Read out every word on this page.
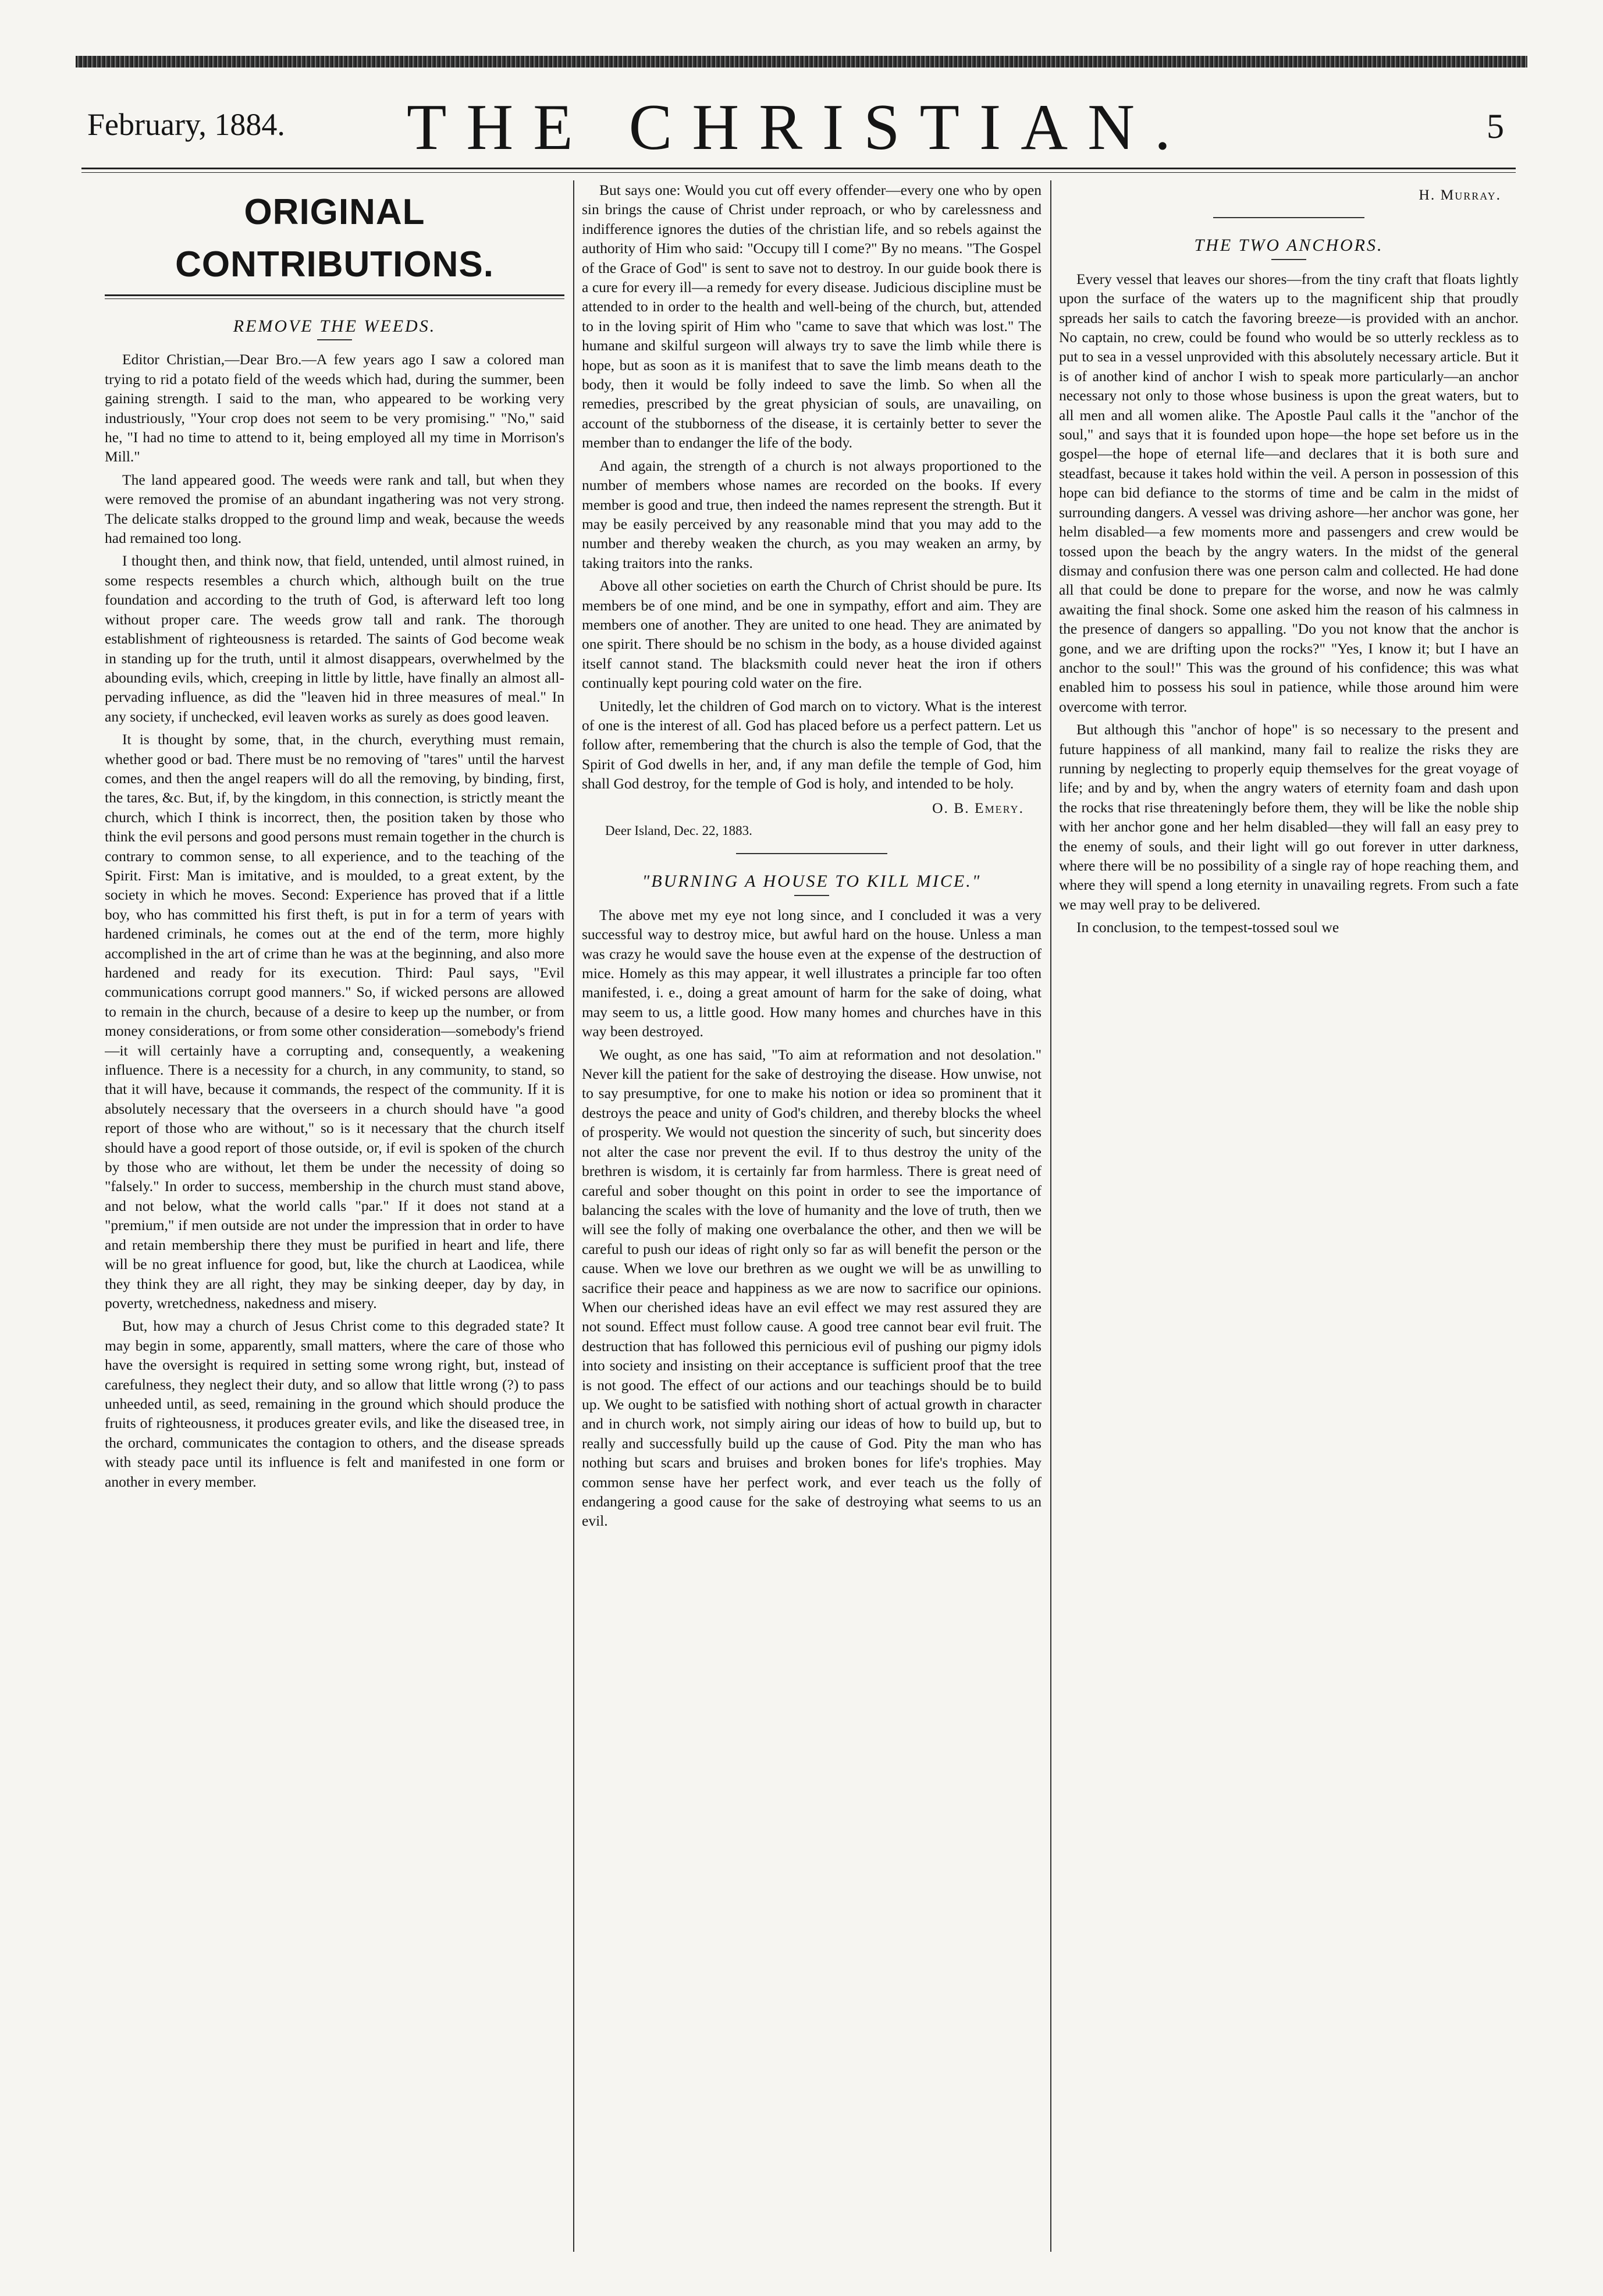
February, 1884.	THE CHRISTIAN.	5
ORIGINAL CONTRIBUTIONS.
REMOVE THE WEEDS.

Editor Christian,—Dear Bro.—A few years ago I saw a colored man trying to rid a potato field of the weeds which had, during the summer, been gaining strength. I said to the man, who appeared to be working very industriously, "Your crop does not seem to be very promising." "No," said he, "I had no time to attend to it, being employed all my time in Morrison's Mill."

The land appeared good. The weeds were rank and tall, but when they were removed the promise of an abundant ingathering was not very strong. The delicate stalks dropped to the ground limp and weak, because the weeds had remained too long.

I thought then, and think now, that field, untended, until almost ruined, in some respects resembles a church which, although built on the true foundation and according to the truth of God, is afterward left too long without proper care. The weeds grow tall and rank. The thorough establishment of righteousness is retarded. The saints of God become weak in standing up for the truth, until it almost disappears, overwhelmed by the abounding evils, which, creeping in little by little, have finally an almost all-pervading influence, as did the "leaven hid in three measures of meal." In any society, if unchecked, evil leaven works as surely as does good leaven.

It is thought by some, that, in the church, everything must remain, whether good or bad. There must be no removing of "tares" until the harvest comes, and then the angel reapers will do all the removing, by binding, first, the tares, &c. But, if, by the kingdom, in this connection, is strictly meant the church, which I think is incorrect, then, the position taken by those who think the evil persons and good persons must remain together in the church is contrary to common sense, to all experience, and to the teaching of the Spirit. First: Man is imitative, and is moulded, to a great extent, by the society in which he moves. Second: Experience has proved that if a little boy, who has committed his first theft, is put in for a term of years with hardened criminals, he comes out at the end of the term, more highly accomplished in the art of crime than he was at the beginning, and also more hardened and ready for its execution. Third: Paul says, "Evil communications corrupt good manners." So, if wicked persons are allowed to remain in the church, because of a desire to keep up the number, or from money considerations, or from some other consideration—somebody's friend—it will certainly have a corrupting and, consequently, a weakening influence. There is a necessity for a church, in any community, to stand, so that it will have, because it commands, the respect of the community. If it is absolutely necessary that the overseers in a church should have "a good report of those who are without," so is it necessary that the church itself should have a good report of those outside, or, if evil is spoken of the church by those who are without, let them be under the necessity of doing so "falsely." In order to success, membership in the church must stand above, and not below, what the world calls "par." If it does not stand at a "premium," if men outside are not under the impression that in order to have and retain membership there they must be purified in heart and life, there will be no great influence for good, but, like the church at Laodicea, while they think they are all right, they may be sinking deeper, day by day, in poverty, wretchedness, nakedness and misery.

But, how may a church of Jesus Christ come to this degraded state? It may begin in some, apparently, small matters, where the care of those who have the oversight is required in setting some wrong right, but, instead of carefulness, they neglect their duty, and so allow that little wrong (?) to pass unheeded until, as seed, remaining in the ground which should produce the fruits of righteousness, it produces greater evils, and like the diseased tree, in the orchard, communicates the contagion to others, and the disease spreads with steady pace until its influence is felt and manifested in one form or another in every member.

But says one: Would you cut off every offender—every one who by open sin brings the cause of Christ under reproach, or who by carelessness and indifference ignores the duties of the christian life, and so rebels against the authority of Him who said: "Occupy till I come?" By no means. "The Gospel of the Grace of God" is sent to save not to destroy. In our guide book there is a cure for every ill—a remedy for every disease. Judicious discipline must be attended to in order to the health and well-being of the church, but, attended to in the loving spirit of Him who "came to save that which was lost." The humane and skilful surgeon will always try to save the limb while there is hope, but as soon as it is manifest that to save the limb means death to the body, then it would be folly indeed to save the limb. So when all the remedies, prescribed by the great physician of souls, are unavailing, on account of the stubborness of the disease, it is certainly better to sever the member than to endanger the life of the body.

And again, the strength of a church is not always proportioned to the number of members whose names are recorded on the books. If every member is good and true, then indeed the names represent the strength. But it may be easily perceived by any reasonable mind that you may add to the number and thereby weaken the church, as you may weaken an army, by taking traitors into the ranks.

Above all other societies on earth the Church of Christ should be pure. Its members be of one mind, and be one in sympathy, effort and aim. They are members one of another. They are united to one head. They are animated by one spirit. There should be no schism in the body, as a house divided against itself cannot stand. The blacksmith could never heat the iron if others continually kept pouring cold water on the fire.

Unitedly, let the children of God march on to victory. What is the interest of one is the interest of all. God has placed before us a perfect pattern. Let us follow after, remembering that the church is also the temple of God, that the Spirit of God dwells in her, and, if any man defile the temple of God, him shall God destroy, for the temple of God is holy, and intended to be holy.

O. B. Emery.
Deer Island, Dec. 22, 1883.
"BURNING A HOUSE TO KILL MICE."

The above met my eye not long since, and I concluded it was a very successful way to destroy mice, but awful hard on the house. Unless a man was crazy he would save the house even at the expense of the destruction of mice. Homely as this may appear, it well illustrates a principle far too often manifested, i. e., doing a great amount of harm for the sake of doing, what may seem to us, a little good. How many homes and churches have in this way been destroyed.

We ought, as one has said, "To aim at reformation and not desolation." Never kill the patient for the sake of destroying the disease. How unwise, not to say presumptive, for one to make his notion or idea so prominent that it destroys the peace and unity of God's children, and thereby blocks the wheel of prosperity. We would not question the sincerity of such, but sincerity does not alter the case nor prevent the evil. If to thus destroy the unity of the brethren is wisdom, it is certainly far from harmless. There is great need of careful and sober thought on this point in order to see the importance of balancing the scales with the love of humanity and the love of truth, then we will see the folly of making one overbalance the other, and then we will be careful to push our ideas of right only so far as will benefit the person or the cause. When we love our brethren as we ought we will be as unwilling to sacrifice their peace and happiness as we are now to sacrifice our opinions. When our cherished ideas have an evil effect we may rest assured they are not sound. Effect must follow cause. A good tree cannot bear evil fruit. The destruction that has followed this pernicious evil of pushing our pigmy idols into society and insisting on their acceptance is sufficient proof that the tree is not good. The effect of our actions and our teachings should be to build up. We ought to be satisfied with nothing short of actual growth in character and in church work, not simply airing our ideas of how to build up, but to really and successfully build up the cause of God. Pity the man who has nothing but scars and bruises and broken bones for life's trophies. May common sense have her perfect work, and ever teach us the folly of endangering a good cause for the sake of destroying what seems to us an evil.

H. Murray.
THE TWO ANCHORS.

Every vessel that leaves our shores—from the tiny craft that floats lightly upon the surface of the waters up to the magnificent ship that proudly spreads her sails to catch the favoring breeze—is provided with an anchor. No captain, no crew, could be found who would be so utterly reckless as to put to sea in a vessel unprovided with this absolutely necessary article. But it is of another kind of anchor I wish to speak more particularly—an anchor necessary not only to those whose business is upon the great waters, but to all men and all women alike. The Apostle Paul calls it the "anchor of the soul," and says that it is founded upon hope—the hope set before us in the gospel—the hope of eternal life—and declares that it is both sure and steadfast, because it takes hold within the veil. A person in possession of this hope can bid defiance to the storms of time and be calm in the midst of surrounding dangers. A vessel was driving ashore—her anchor was gone, her helm disabled—a few moments more and passengers and crew would be tossed upon the beach by the angry waters. In the midst of the general dismay and confusion there was one person calm and collected. He had done all that could be done to prepare for the worse, and now he was calmly awaiting the final shock. Some one asked him the reason of his calmness in the presence of dangers so appalling. "Do you not know that the anchor is gone, and we are drifting upon the rocks?" "Yes, I know it; but I have an anchor to the soul!" This was the ground of his confidence; this was what enabled him to possess his soul in patience, while those around him were overcome with terror.

But although this "anchor of hope" is so necessary to the present and future happiness of all mankind, many fail to realize the risks they are running by neglecting to properly equip themselves for the great voyage of life; and by and by, when the angry waters of eternity foam and dash upon the rocks that rise threateningly before them, they will be like the noble ship with her anchor gone and her helm disabled—they will fall an easy prey to the enemy of souls, and their light will go out forever in utter darkness, where there will be no possibility of a single ray of hope reaching them, and where they will spend a long eternity in unavailing regrets. From such a fate we may well pray to be delivered.

In conclusion, to the tempest-tossed soul we
